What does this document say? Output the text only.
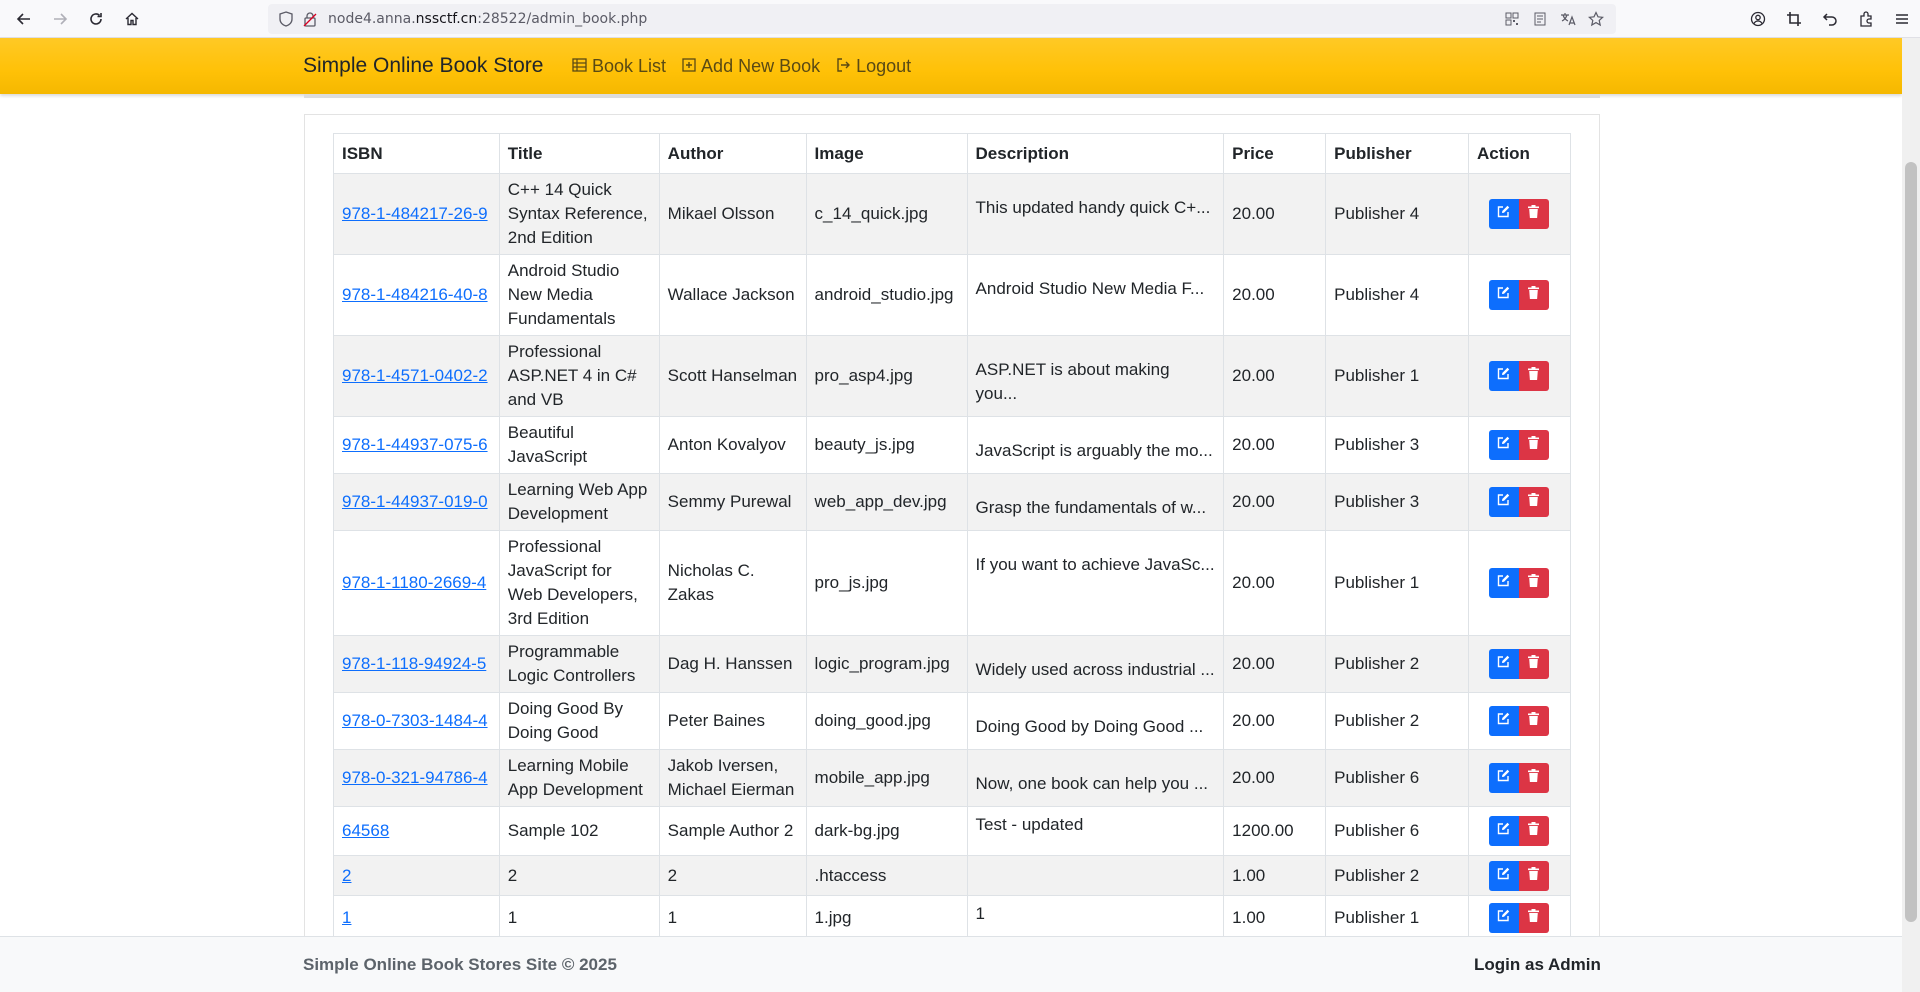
node4.anna.nssctf.cn:28522/admin_book.php
Simple Online Book Store	Book List Add New Book Logout
ISBN	Title	Author	Image	Description	Price	Publisher	Action
978-1-484217-26-9	C++ 14 Quick Syntax Reference, 2nd Edition	Mikael Olsson	c_14_quick.jpg	This updated handy quick C+...	20.00	Publisher 4	

978-1-484216-40-8	Android Studio New Media Fundamentals	Wallace Jackson	android_studio.jpg	Android Studio New Media F...	20.00	Publisher 4	

978-1-4571-0402-2	Professional ASP.NET 4 in C# and VB	Scott Hanselman	pro_asp4.jpg	ASP.NET is about making you...	20.00	Publisher 1	

978-1-44937-075-6	Beautiful JavaScript	Anton Kovalyov	beauty_js.jpg	JavaScript is arguably the mo...	20.00	Publisher 3	

978-1-44937-019-0	Learning Web App Development	Semmy Purewal	web_app_dev.jpg	Grasp the fundamentals of w...	20.00	Publisher 3	

978-1-1180-2669-4	Professional JavaScript for Web Developers, 3rd Edition	Nicholas C. Zakas	pro_js.jpg	If you want to achieve JavaSc...	20.00	Publisher 1	

978-1-118-94924-5	Programmable Logic Controllers	Dag H. Hanssen	logic_program.jpg	Widely used across industrial ...	20.00	Publisher 2	

978-0-7303-1484-4	Doing Good By Doing Good	Peter Baines	doing_good.jpg	Doing Good by Doing Good ...	20.00	Publisher 2	

978-0-321-94786-4	Learning Mobile App Development	Jakob Iversen, Michael Eierman	mobile_app.jpg	Now, one book can help you ...	20.00	Publisher 6	

64568	Sample 102	Sample Author 2	dark-bg.jpg	Test - updated	1200.00	Publisher 6	

2	2	2	.htaccess		1.00	Publisher 2	

1	1	1	1.jpg	1	1.00	Publisher 1	
Simple Online Book Stores Site © 2025	Login as Admin
